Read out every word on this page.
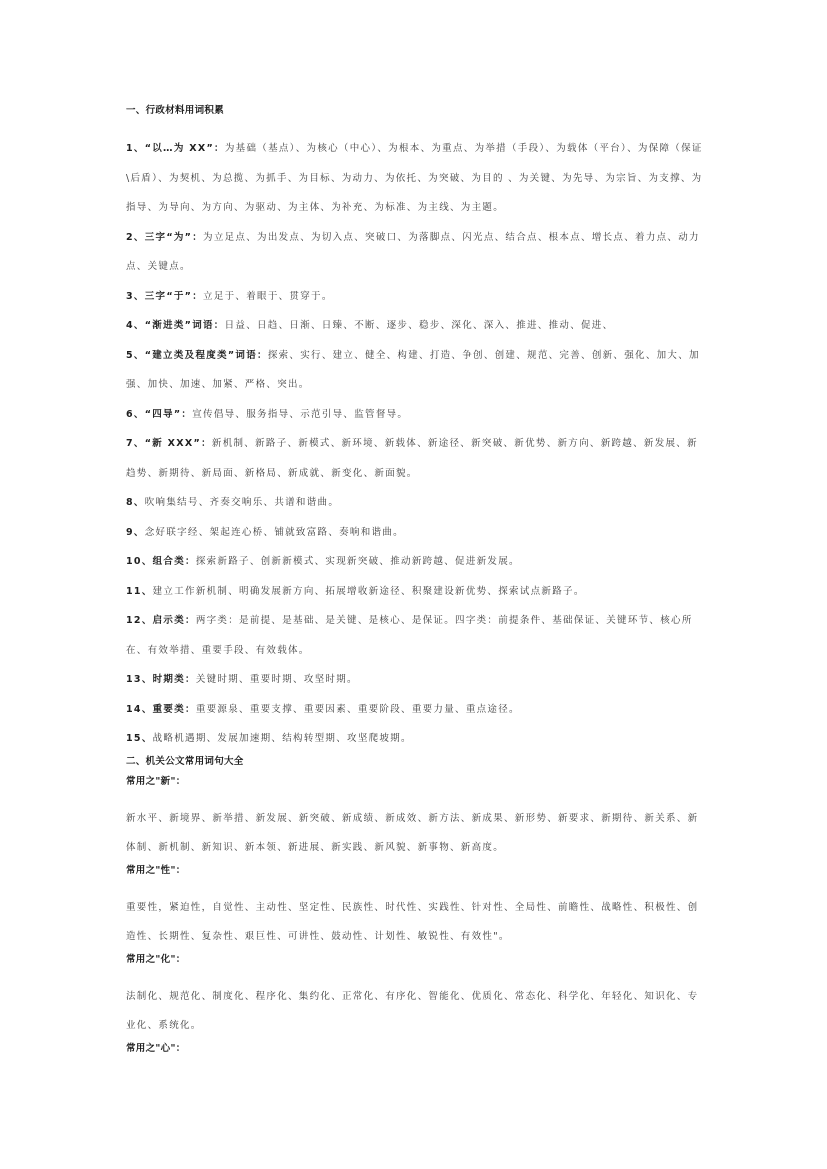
一、行政材料用词积累

1、“以…为 XX”：为基础（基点）、为核心（中心）、为根本、为重点、为举措（手段）、为载体（平台）、为保障（保证\后盾）、为契机、为总揽、为抓手、为目标、为动力、为依托、为突破、为目的 、为关键、为先导、为宗旨、为支撑、为指导、为导向、为方向、为驱动、为主体、为补充、为标准、为主线、为主题。

2、三字“为”：为立足点、为出发点、为切入点、突破口、为落脚点、闪光点、结合点、根本点、增长点、着力点、动力点、关键点。

3、三字“于”：立足于、着眼于、贯穿于。

4、“渐进类”词语：日益、日趋、日渐、日臻、不断、逐步、稳步、深化、深入、推进、推动、促进、

5、“建立类及程度类”词语：探索、实行、建立、健全、构建、打造、争创、创建、规范、完善、创新、强化、加大、加强、加快、加速、加紧、严格、突出。

6、“四导”：宣传倡导、服务指导、示范引导、监管督导。

7、“新 XXX”：新机制、新路子、新模式、新环境、新载体、新途径、新突破、新优势、新方向、新跨越、新发展、新趋势、新期待、新局面、新格局、新成就、新变化、新面貌。

8、吹响集结号、齐奏交响乐、共谱和谐曲。

9、念好联字经、架起连心桥、铺就致富路、奏响和谐曲。

10、组合类：探索新路子、创新新模式、实现新突破、推动新跨越、促进新发展。

11、建立工作新机制、明确发展新方向、拓展增收新途径、积聚建设新优势、探索试点新路子。

12、启示类：两字类：是前提、是基础、是关键、是核心、是保证。四字类：前提条件、基础保证、关键环节、核心所在、有效举措、重要手段、有效载体。

13、时期类：关键时期、重要时期、攻坚时期。

14、重要类：重要源泉、重要支撑、重要因素、重要阶段、重要力量、重点途径。

15、战略机遇期、发展加速期、结构转型期、攻坚爬坡期。

二、机关公文常用词句大全
常用之"新"：

新水平、新境界、新举措、新发展、新突破、新成绩、新成效、新方法、新成果、新形势、新要求、新期待、新关系、新体制、新机制、新知识、新本领、新进展、新实践、新风貌、新事物、新高度。

常用之"性"：

重要性，紧迫性，自觉性、主动性、坚定性、民族性、时代性、实践性、针对性、全局性、前瞻性、战略性、积极性、创造性、长期性、复杂性、艰巨性、可讲性、鼓动性、计划性、敏锐性、有效性"。

常用之"化"：

法制化、规范化、制度化、程序化、集约化、正常化、有序化、智能化、优质化、常态化、科学化、年轻化、知识化、专业化、系统化。

常用之"心"：
